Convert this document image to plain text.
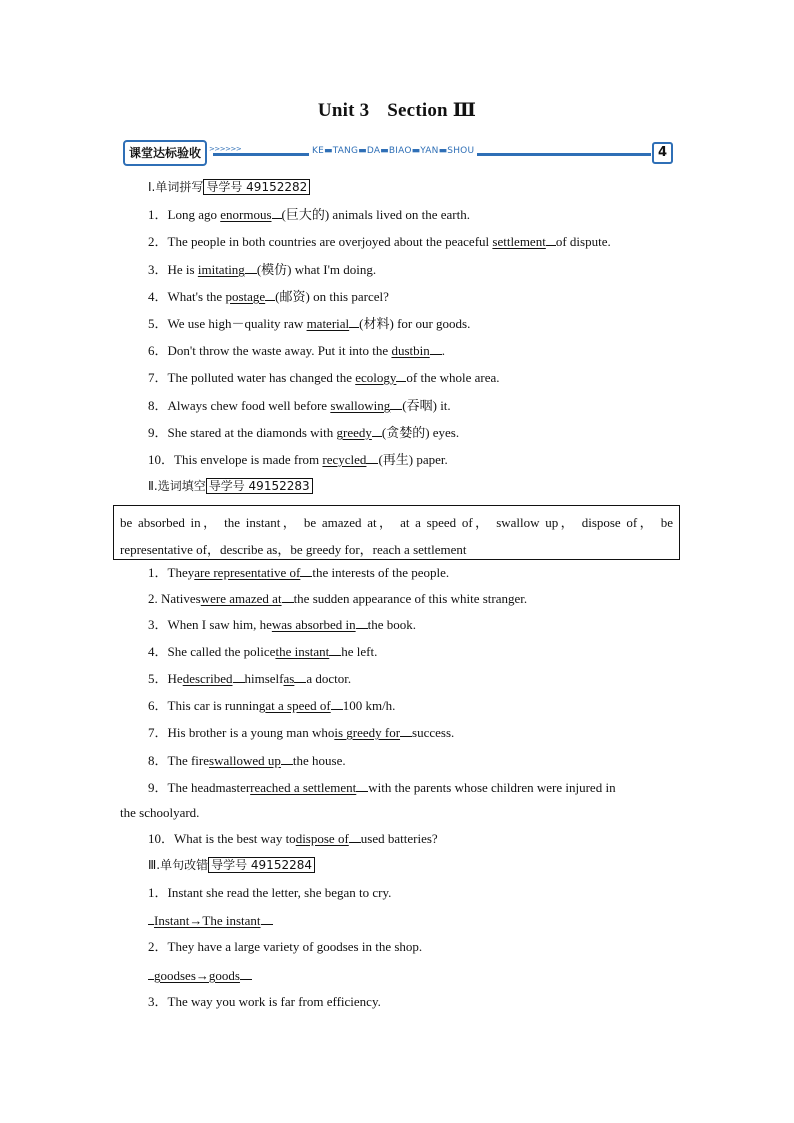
Unit 3 Section Ⅲ
课堂达标验收	>>>>>>	KE▬TANG▬DA▬BIAO▬YAN▬SHOU	4
Ⅰ.单词拼写 导学号 49152282
1．Long ago enormous (巨大的) animals lived on the earth.
2．The people in both countries are overjoyed about the peaceful settlement of dispute.
3．He is imitating (模仿) what I'm doing.
4．What's the postage (邮资) on this parcel?
5．We use high－quality raw material (材料) for our goods.
6．Don't throw the waste away. Put it into the dustbin .
7．The polluted water has changed the ecology of the whole area.
8．Always chew food well before swallowing (吞咽) it.
9．She stared at the diamonds with greedy (贪婪的) eyes.
10．This envelope is made from recycled (再生) paper.
Ⅱ.选词填空 导学号 49152283
be absorbed in， the instant， be amazed at， at a speed of， swallow up， dispose of， be representative of，describe as，be greedy for，reach a settlement
1．Theyare representative of the interests of the people.
2. Nativeswere amazed at the sudden appearance of this white stranger.
3．When I saw him, hewas absorbed in the book.
4．She called the policethe instant he left.
5．Hedescribed himselfas a doctor.
6．This car is runningat a speed of 100 km/h.
7．His brother is a young man whois greedy for success.
8．The fireswallowed up the house.
9．The headmasterreached a settlement with the parents whose children were injured in
the schoolyard.
10．What is the best way todispose of used batteries?
Ⅲ.单句改错 导学号 49152284
1．Instant she read the letter, she began to cry.
Instant→The instant
2．They have a large variety of goodses in the shop.
goodses→goods
3．The way you work is far from efficiency.
